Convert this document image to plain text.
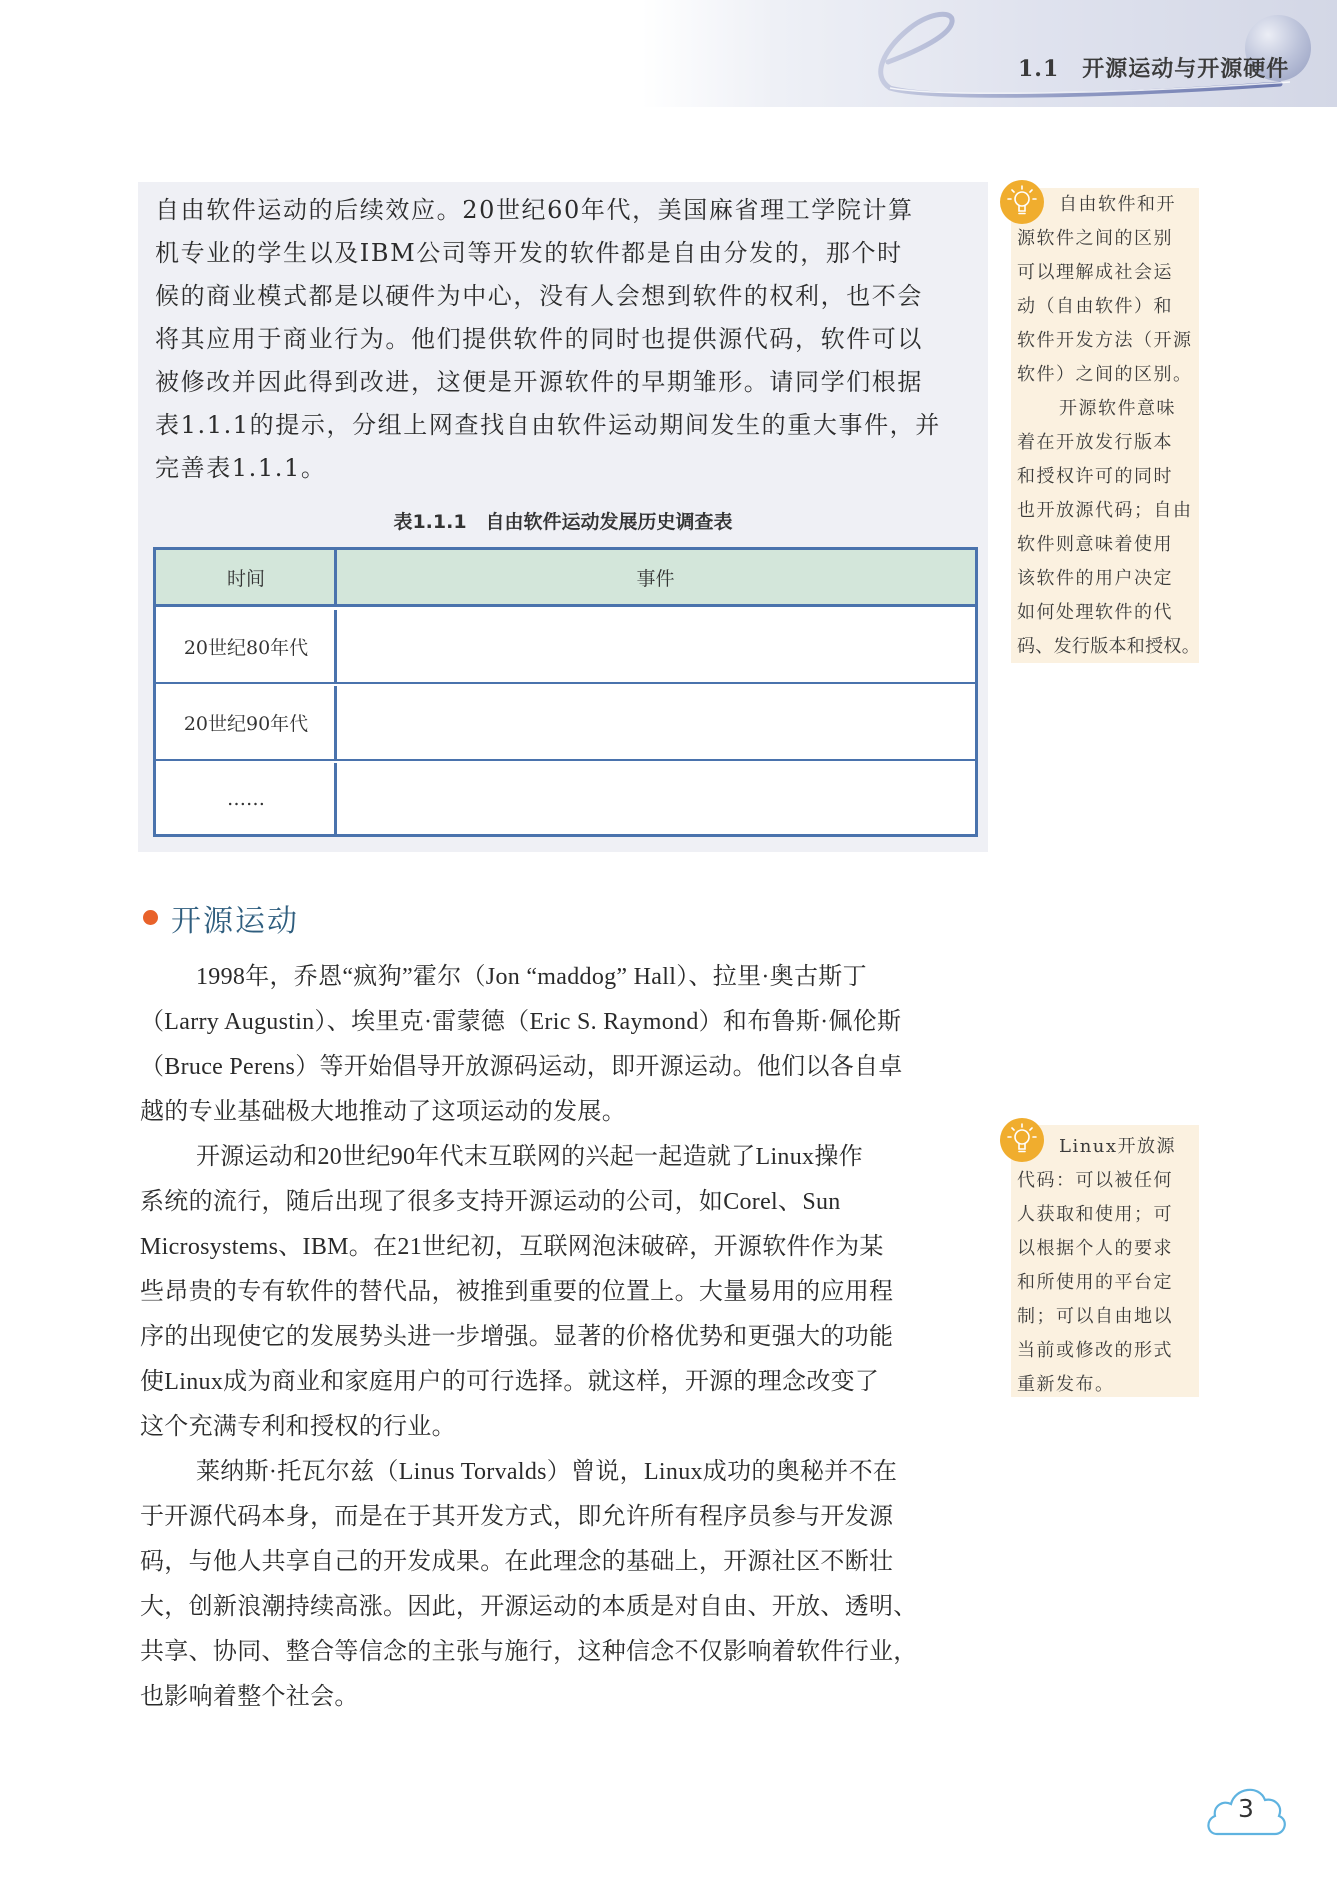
1.1　开源运动与开源硬件
自由软件运动的后续效应。20世纪60年代，美国麻省理工学院计算
机专业的学生以及IBM公司等开发的软件都是自由分发的，那个时
候的商业模式都是以硬件为中心，没有人会想到软件的权利，也不会
将其应用于商业行为。他们提供软件的同时也提供源代码，软件可以
被修改并因此得到改进，这便是开源软件的早期雏形。请同学们根据
表1.1.1的提示，分组上网查找自由软件运动期间发生的重大事件，并
完善表1.1.1。
表1.1.1　自由软件运动发展历史调查表
时间	事件
20世纪80年代
20世纪90年代
……
开源运动
1998年，乔恩“疯狗”霍尔（Jon “maddog” Hall）、拉里·奥古斯丁
（Larry Augustin）、埃里克·雷蒙德（Eric S. Raymond）和布鲁斯·佩伦斯
（Bruce Perens）等开始倡导开放源码运动，即开源运动。他们以各自卓
越的专业基础极大地推动了这项运动的发展。
开源运动和20世纪90年代末互联网的兴起一起造就了Linux操作
系统的流行，随后出现了很多支持开源运动的公司，如Corel、Sun
Microsystems、IBM。在21世纪初，互联网泡沫破碎，开源软件作为某
些昂贵的专有软件的替代品，被推到重要的位置上。大量易用的应用程
序的出现使它的发展势头进一步增强。显著的价格优势和更强大的功能
使Linux成为商业和家庭用户的可行选择。就这样，开源的理念改变了
这个充满专利和授权的行业。
莱纳斯·托瓦尔兹（Linus Torvalds）曾说，Linux成功的奥秘并不在
于开源代码本身，而是在于其开发方式，即允许所有程序员参与开发源
码，与他人共享自己的开发成果。在此理念的基础上，开源社区不断壮
大，创新浪潮持续高涨。因此，开源运动的本质是对自由、开放、透明、
共享、协同、整合等信念的主张与施行，这种信念不仅影响着软件行业，
也影响着整个社会。
自由软件和开
源软件之间的区别
可以理解成社会运
动（自由软件）和
软件开发方法（开源
软件）之间的区别。
开源软件意味
着在开放发行版本
和授权许可的同时
也开放源代码；自由
软件则意味着使用
该软件的用户决定
如何处理软件的代
码、发行版本和授权。
Linux开放源
代码：可以被任何
人获取和使用；可
以根据个人的要求
和所使用的平台定
制；可以自由地以
当前或修改的形式
重新发布。
3
